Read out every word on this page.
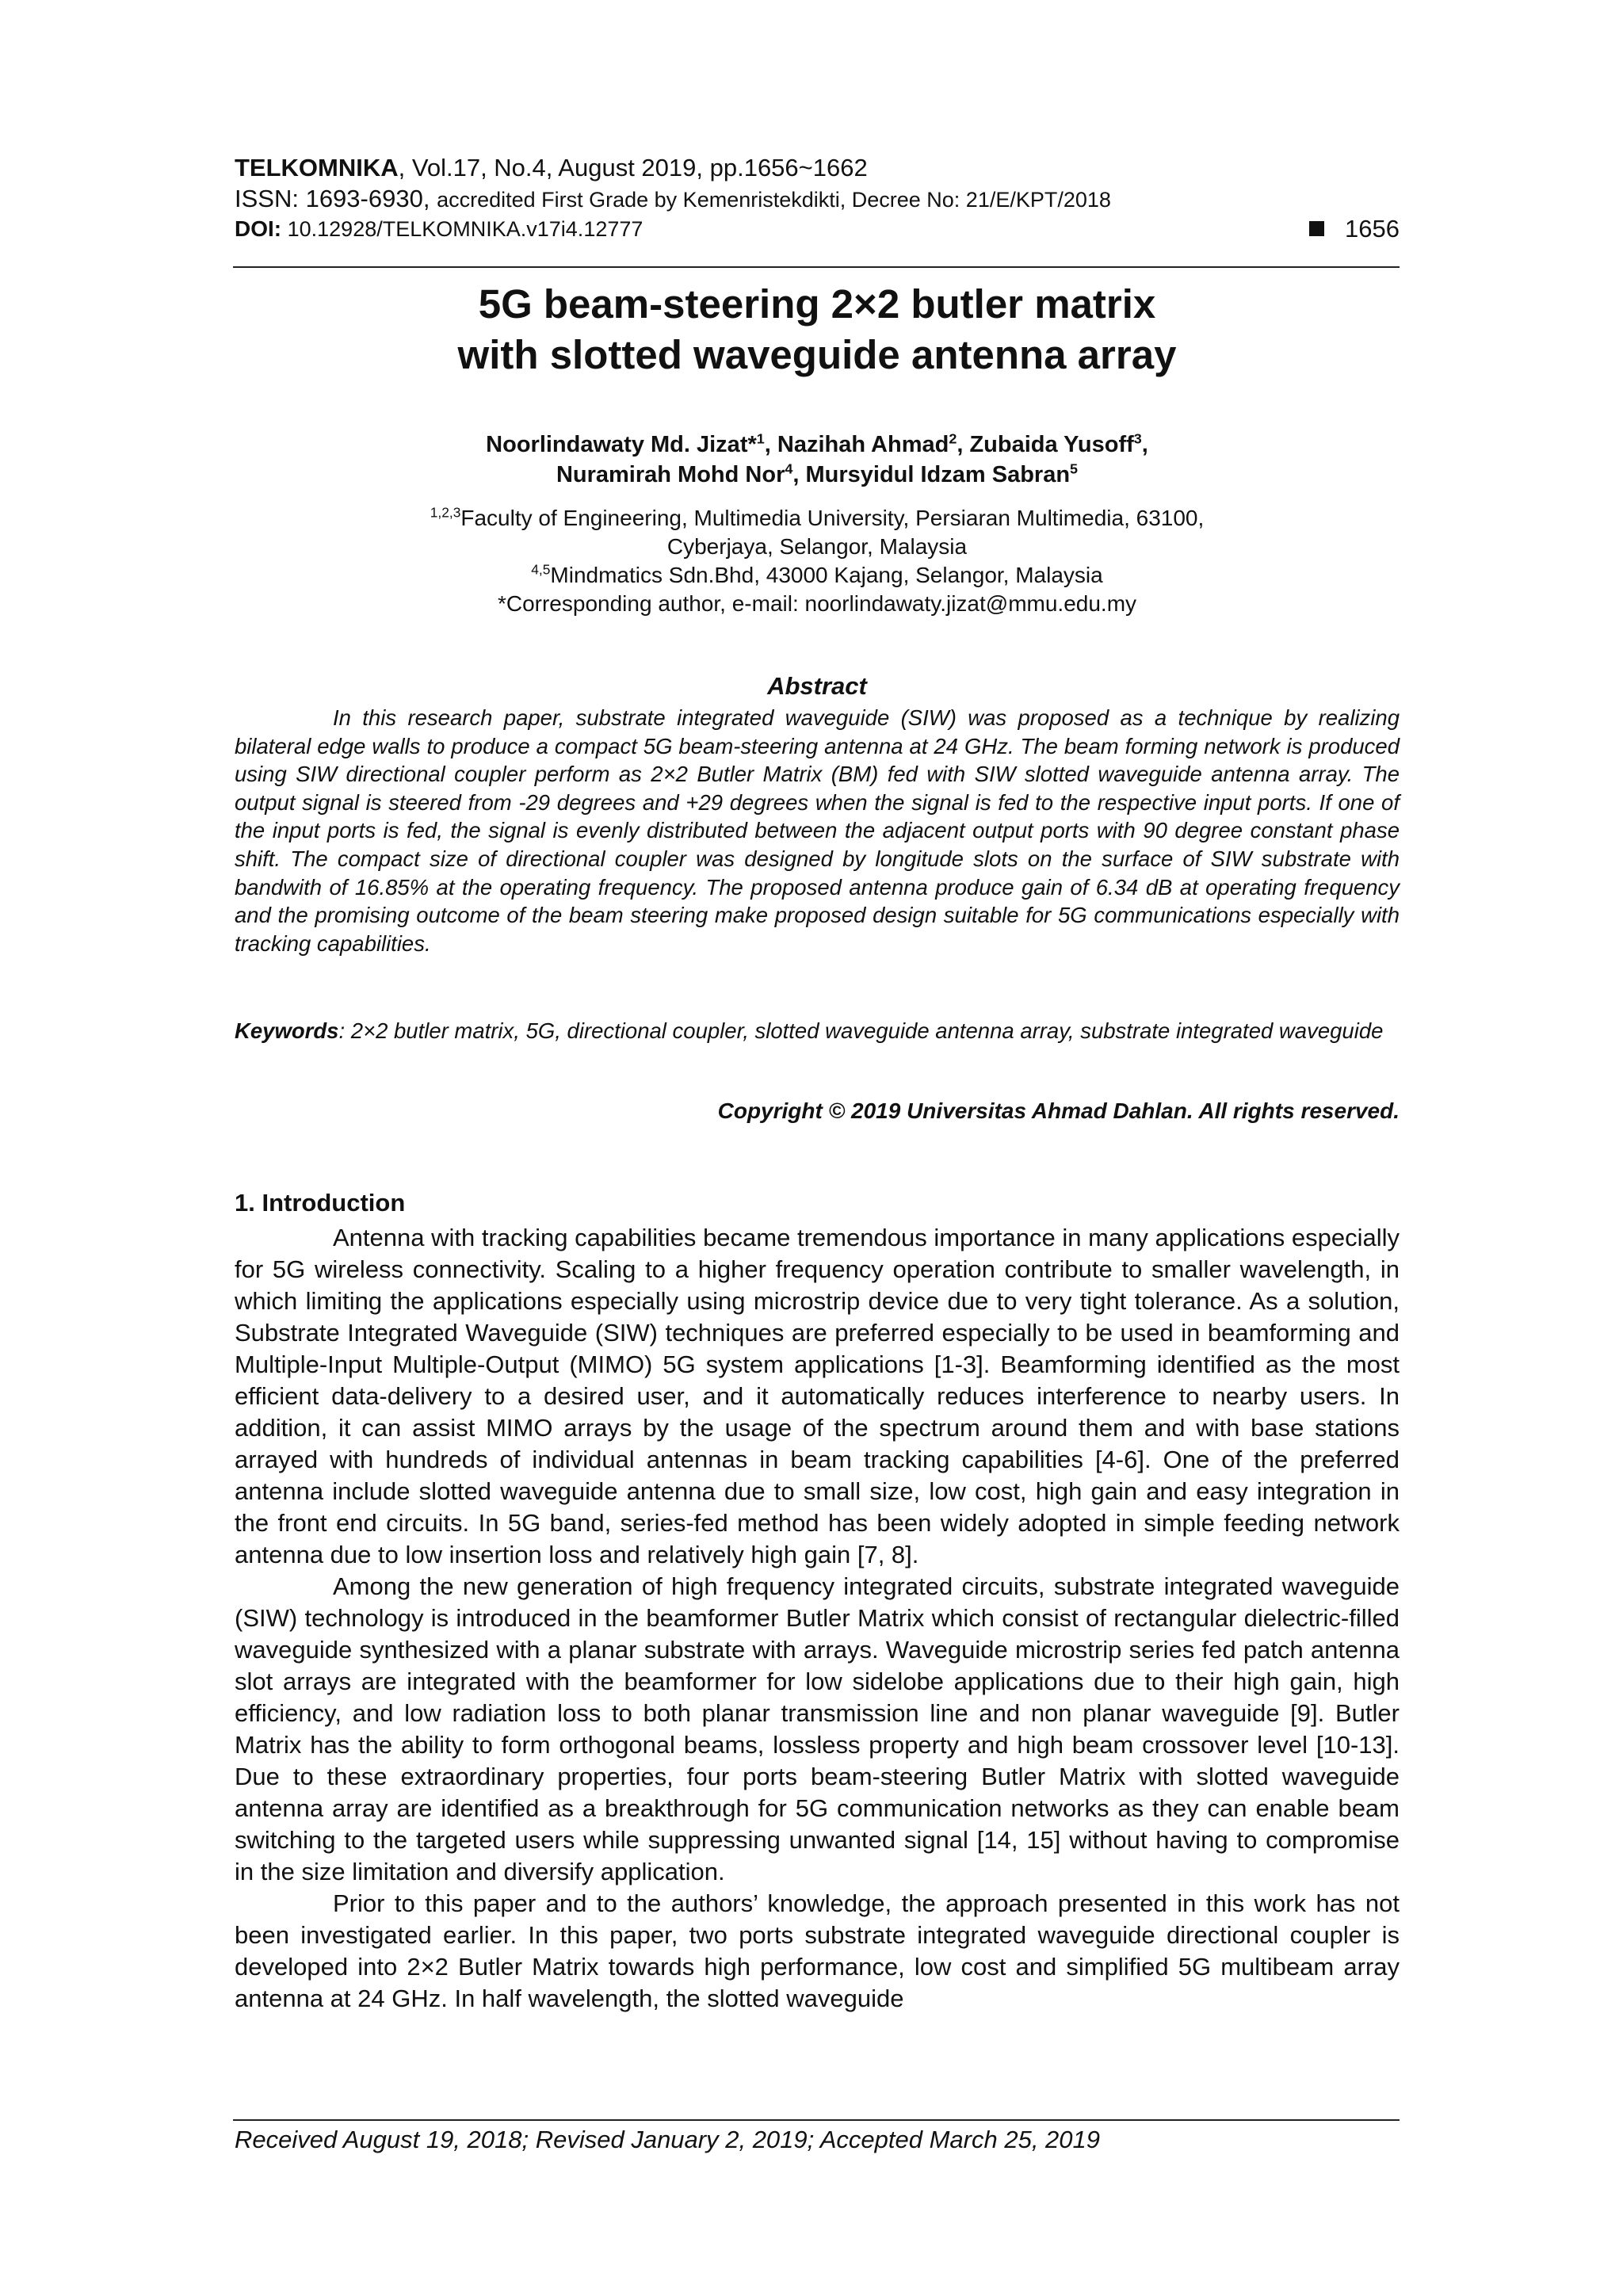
TELKOMNIKA, Vol.17, No.4, August 2019, pp.1656~1662
ISSN: 1693-6930, accredited First Grade by Kemenristekdikti, Decree No: 21/E/KPT/2018
DOI: 10.12928/TELKOMNIKA.v17i4.12777	1656
5G beam-steering 2×2 butler matrix
with slotted waveguide antenna array
Noorlindawaty Md. Jizat*$^1$, Nazihah Ahmad$^2$, Zubaida Yusoff$^3$,
Nuramirah Mohd Nor$^4$, Mursyidul Idzam Sabran$^5$
$^{1,2,3}$Faculty of Engineering, Multimedia University, Persiaran Multimedia, 63100,
Cyberjaya, Selangor, Malaysia
$^{4,5}$Mindmatics Sdn.Bhd, 43000 Kajang, Selangor, Malaysia
*Corresponding author, e-mail: noorlindawaty.jizat@mmu.edu.my
Abstract
In this research paper, substrate integrated waveguide (SIW) was proposed as a technique by realizing bilateral edge walls to produce a compact 5G beam-steering antenna at 24 GHz. The beam forming network is produced using SIW directional coupler perform as 2×2 Butler Matrix (BM) fed with SIW slotted waveguide antenna array. The output signal is steered from -29 degrees and +29 degrees when the signal is fed to the respective input ports. If one of the input ports is fed, the signal is evenly distributed between the adjacent output ports with 90 degree constant phase shift. The compact size of directional coupler was designed by longitude slots on the surface of SIW substrate with bandwith of 16.85% at the operating frequency. The proposed antenna produce gain of 6.34 dB at operating frequency and the promising outcome of the beam steering make proposed design suitable for 5G communications especially with tracking capabilities.
Keywords: 2×2 butler matrix, 5G, directional coupler, slotted waveguide antenna array, substrate integrated waveguide
Copyright © 2019 Universitas Ahmad Dahlan. All rights reserved.
1. Introduction

Antenna with tracking capabilities became tremendous importance in many applications especially for 5G wireless connectivity. Scaling to a higher frequency operation contribute to smaller wavelength, in which limiting the applications especially using microstrip device due to very tight tolerance. As a solution, Substrate Integrated Waveguide (SIW) techniques are preferred especially to be used in beamforming and Multiple-Input Multiple-Output (MIMO) 5G system applications [1-3]. Beamforming identified as the most efficient data-delivery to a desired user, and it automatically reduces interference to nearby users. In addition, it can assist MIMO arrays by the usage of the spectrum around them and with base stations arrayed with hundreds of individual antennas in beam tracking capabilities [4-6]. One of the preferred antenna include slotted waveguide antenna due to small size, low cost, high gain and easy integration in the front end circuits. In 5G band, series-fed method has been widely adopted in simple feeding network antenna due to low insertion loss and relatively high gain [7, 8].

Among the new generation of high frequency integrated circuits, substrate integrated waveguide (SIW) technology is introduced in the beamformer Butler Matrix which consist of rectangular dielectric-filled waveguide synthesized with a planar substrate with arrays. Waveguide microstrip series fed patch antenna slot arrays are integrated with the beamformer for low sidelobe applications due to their high gain, high efficiency, and low radiation loss to both planar transmission line and non planar waveguide [9]. Butler Matrix has the ability to form orthogonal beams, lossless property and high beam crossover level [10-13]. Due to these extraordinary properties, four ports beam-steering Butler Matrix with slotted waveguide antenna array are identified as a breakthrough for 5G communication networks as they can enable beam switching to the targeted users while suppressing unwanted signal [14, 15] without having to compromise in the size limitation and diversify application.

Prior to this paper and to the authors’ knowledge, the approach presented in this work has not been investigated earlier. In this paper, two ports substrate integrated waveguide directional coupler is developed into 2×2 Butler Matrix towards high performance, low cost and simplified 5G multibeam array antenna at 24 GHz. In half wavelength, the slotted waveguide

Received August 19, 2018; Revised January 2, 2019; Accepted March 25, 2019
